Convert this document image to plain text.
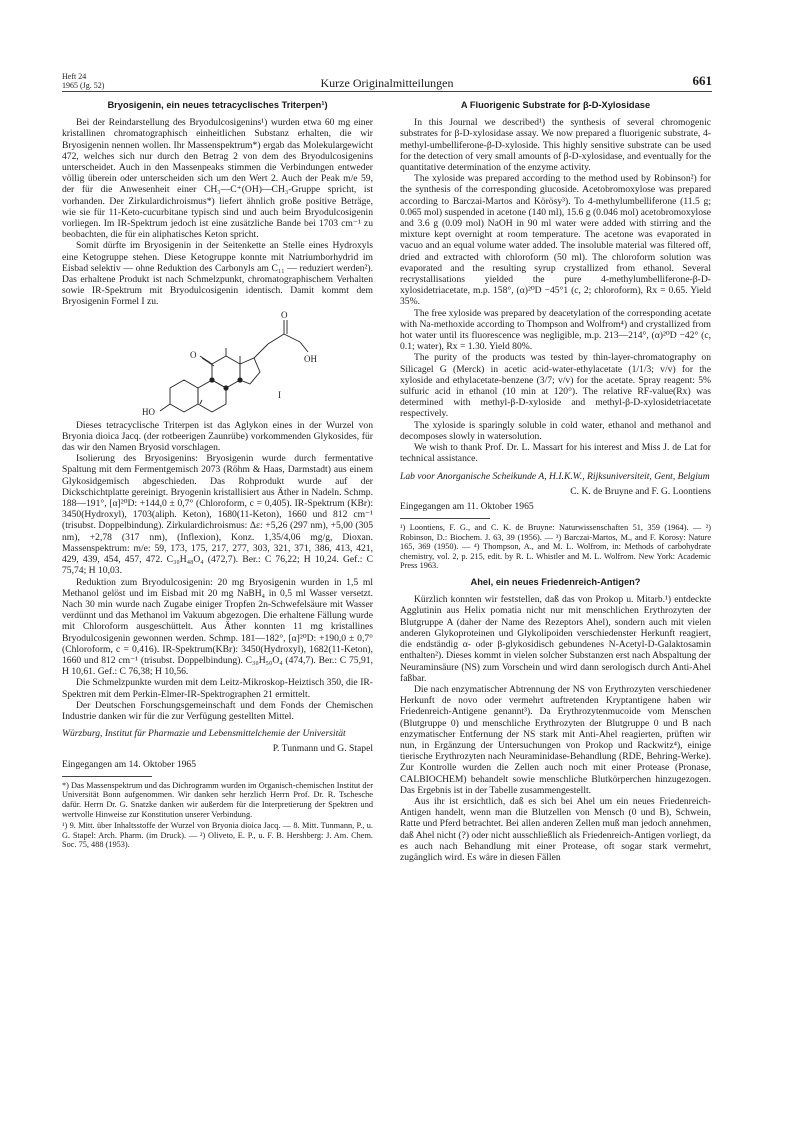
Heft 24
1965 (Jg. 52)	Kurze Originalmitteilungen	661
Bryosigenin, ein neues tetracyclisches Triterpen¹)

Bei der Reindarstellung des Bryodulcosigenins¹) wurden etwa 60 mg einer kristallinen chromatographisch einheitlichen Substanz erhalten, die wir Bryosigenin nennen wollen. Ihr Massenspektrum*) ergab das Molekulargewicht 472, welches sich nur durch den Betrag 2 von dem des Bryodulcosigenins unterscheidet. Auch in den Massenpeaks stimmen die Verbindungen entweder völlig überein oder unterscheiden sich um den Wert 2. Auch der Peak m/e 59, der für die Anwesenheit einer CH₃—C⁺(OH)—CH₃-Gruppe spricht, ist vorhanden. Der Zirkulardichroismus*) liefert ähnlich große positive Beträge, wie sie für 11-Keto-cucurbitane typisch sind und auch beim Bryodulcosigenin vorliegen. Im IR-Spektrum jedoch ist eine zusätzliche Bande bei 1703 cm⁻¹ zu beobachten, die für ein aliphatisches Keton spricht.

Somit dürfte im Bryosigenin in der Seitenkette an Stelle eines Hydroxyls eine Ketogruppe stehen. Diese Ketogruppe konnte mit Natriumborhydrid im Eisbad selektiv — ohne Reduktion des Carbonyls am C₁₁ — reduziert werden²). Das erhaltene Produkt ist nach Schmelzpunkt, chromatographischem Verhalten sowie IR-Spektrum mit Bryodulcosigenin identisch. Damit kommt dem Bryosigenin Formel I zu.

O
OH
O
HO
I

Dieses tetracyclische Triterpen ist das Aglykon eines in der Wurzel von Bryonia dioica Jacq. (der rotbeerigen Zaunrübe) vorkommenden Glykosides, für das wir den Namen Bryosid vorschlagen.

Isolierung des Bryosigenins: Bryosigenin wurde durch fermentative Spaltung mit dem Fermentgemisch 2073 (Röhm & Haas, Darmstadt) aus einem Glykosidgemisch abgeschieden. Das Rohprodukt wurde auf der Dickschichtplatte gereinigt. Bryogenin kristallisiert aus Äther in Nadeln. Schmp. 188—191°, [α]²⁰D: +144,0 ± 0,7° (Chloroform, c = 0,405). IR-Spektrum (KBr): 3450(Hydroxyl), 1703(aliph. Keton), 1680(11-Keton), 1660 und 812 cm⁻¹ (trisubst. Doppelbindung). Zirkulardichroismus: Δε: +5,26 (297 nm), +5,00 (305 nm), +2,78 (317 nm), (Inflexion), Konz. 1,35/4,06 mg/g, Dioxan. Massenspektrum: m/e: 59, 173, 175, 217, 277, 303, 321, 371, 386, 413, 421, 429, 439, 454, 457, 472. C₃₀H₄₈O₄ (472,7). Ber.: C 76,22; H 10,24. Gef.: C 75,74; H 10,03.

Reduktion zum Bryodulcosigenin: 20 mg Bryosigenin wurden in 1,5 ml Methanol gelöst und im Eisbad mit 20 mg NaBH₄ in 0,5 ml Wasser versetzt. Nach 30 min wurde nach Zugabe einiger Tropfen 2n-Schwefelsäure mit Wasser verdünnt und das Methanol im Vakuum abgezogen. Die erhaltene Fällung wurde mit Chloroform ausgeschüttelt. Aus Äther konnten 11 mg kristallines Bryodulcosigenin gewonnen werden. Schmp. 181—182°, [α]²⁰D: +190,0 ± 0,7° (Chloroform, c = 0,416). IR-Spektrum(KBr): 3450(Hydroxyl), 1682(11-Keton), 1660 und 812 cm⁻¹ (trisubst. Doppelbindung). C₃₀H₅₀O₄ (474,7). Ber.: C 75,91, H 10,61. Gef.: C 76,38; H 10,56.

Die Schmelzpunkte wurden mit dem Leitz-Mikroskop-Heiztisch 350, die IR-Spektren mit dem Perkin-Elmer-IR-Spektrographen 21 ermittelt.

Der Deutschen Forschungsgemeinschaft und dem Fonds der Chemischen Industrie danken wir für die zur Verfügung gestellten Mittel.

Würzburg, Institut für Pharmazie und Lebensmittelchemie der Universität

P. Tunmann und G. Stapel

Eingegangen am 14. Oktober 1965

*) Das Massenspektrum und das Dichrogramm wurden im Organisch-chemischen Institut der Universität Bonn aufgenommen. Wir danken sehr herzlich Herrn Prof. Dr. R. Tschesche dafür. Herrn Dr. G. Snatzke danken wir außerdem für die Interpretierung der Spektren und wertvolle Hinweise zur Konstitution unserer Verbindung.

¹) 9. Mitt. über Inhaltsstoffe der Wurzel von Bryonia dioica Jacq. — 8. Mitt. Tunmann, P., u. G. Stapel: Arch. Pharm. (im Druck). — ²) Oliveto, E. P., u. F. B. Hershberg: J. Am. Chem. Soc. 75, 488 (1953).

A Fluorigenic Substrate for β-D-Xylosidase

In this Journal we described¹) the synthesis of several chromogenic substrates for β-D-xylosidase assay. We now prepared a fluorigenic substrate, 4-methyl-umbelliferone-β-D-xyloside. This highly sensitive substrate can be used for the detection of very small amounts of β-D-xylosidase, and eventually for the quantitative determination of the enzyme activity.

The xyloside was prepared according to the method used by Robinson²) for the synthesis of the corresponding glucoside. Acetobromoxylose was prepared according to Barczai-Martos and Körösy³). To 4-methylumbelliferone (11.5 g; 0.065 mol) suspended in acetone (140 ml), 15.6 g (0.046 mol) acetobromoxylose and 3.6 g (0.09 mol) NaOH in 90 ml water were added with stirring and the mixture kept overnight at room temperature. The acetone was evaporated in vacuo and an equal volume water added. The insoluble material was filtered off, dried and extracted with chloroform (50 ml). The chloroform solution was evaporated and the resulting syrup crystallized from ethanol. Several recrystallisations yielded the pure 4-methylumbelliferone-β-D-xylosidetriacetate, m.p. 158°, (α)²⁰D −45°1 (c, 2; chloroform), Rx = 0.65. Yield 35%.

The free xyloside was prepared by deacetylation of the corresponding acetate with Na-methoxide according to Thompson and Wolfrom⁴) and crystallized from hot water until its fluorescence was negligible, m.p. 213—214°, (α)²⁰D −42° (c, 0.1; water), Rx = 1.30. Yield 80%.

The purity of the products was tested by thin-layer-chromatography on Silicagel G (Merck) in acetic acid-water-ethylacetate (1/1/3; v/v) for the xyloside and ethylacetate-benzene (3/7; v/v) for the acetate. Spray reagent: 5% sulfuric acid in ethanol (10 min at 120°). The relative RF-value(Rx) was determined with methyl-β-D-xyloside and methyl-β-D-xylosidetriacetate respectively.

The xyloside is sparingly soluble in cold water, ethanol and methanol and decomposes slowly in watersolution.

We wish to thank Prof. Dr. L. Massart for his interest and Miss J. de Lat for technical assistance.

Lab voor Anorganische Scheikunde A, H.I.K.W., Rijksuniversiteit, Gent, Belgium

C. K. de Bruyne and F. G. Loontiens

Eingegangen am 11. Oktober 1965

¹) Loontiens, F. G., and C. K. de Bruyne: Naturwissenschaften 51, 359 (1964). — ²) Robinson, D.: Biochem. J. 63, 39 (1956). — ³) Barczai-Martos, M., and F. Korosy: Nature 165, 369 (1950). — ⁴) Thompson, A., and M. L. Wolfrom, in: Methods of carbohydrate chemistry, vol. 2, p. 215, edit. by R. L. Whistler and M. L. Wolfrom. New York: Academic Press 1963.

Ahel, ein neues Friedenreich-Antigen?

Kürzlich konnten wir feststellen, daß das von Prokop u. Mitarb.¹) entdeckte Agglutinin aus Helix pomatia nicht nur mit menschlichen Erythrozyten der Blutgruppe A (daher der Name des Rezeptors Ahel), sondern auch mit vielen anderen Glykoproteinen und Glykolipoiden verschiedenster Herkunft reagiert, die endständig α- oder β-glykosidisch gebundenes N-Acetyl-D-Galaktosamin enthalten²). Dieses kommt in vielen solcher Substanzen erst nach Abspaltung der Neuraminsäure (NS) zum Vorschein und wird dann serologisch durch Anti-Ahel faßbar.

Die nach enzymatischer Abtrennung der NS von Erythrozyten verschiedener Herkunft de novo oder vermehrt auftretenden Kryptantigene haben wir Friedenreich-Antigene genannt³). Da Erythrozytenmucoide vom Menschen (Blutgruppe 0) und menschliche Erythrozyten der Blutgruppe 0 und B nach enzymatischer Entfernung der NS stark mit Anti-Ahel reagierten, prüften wir nun, in Ergänzung der Untersuchungen von Prokop und Rackwitz⁴), einige tierische Erythrozyten nach Neuraminidase-Behandlung (RDE, Behring-Werke). Zur Kontrolle wurden die Zellen auch noch mit einer Protease (Pronase, CALBIOCHEM) behandelt sowie menschliche Blutkörperchen hinzugezogen. Das Ergebnis ist in der Tabelle zusammengestellt.

Aus ihr ist ersichtlich, daß es sich bei Ahel um ein neues Friedenreich-Antigen handelt, wenn man die Blutzellen von Mensch (0 und B), Schwein, Ratte und Pferd betrachtet. Bei allen anderen Zellen muß man jedoch annehmen, daß Ahel nicht (?) oder nicht ausschließlich als Friedenreich-Antigen vorliegt, da es auch nach Behandlung mit einer Protease, oft sogar stark vermehrt, zugänglich wird. Es wäre in diesen Fällen
